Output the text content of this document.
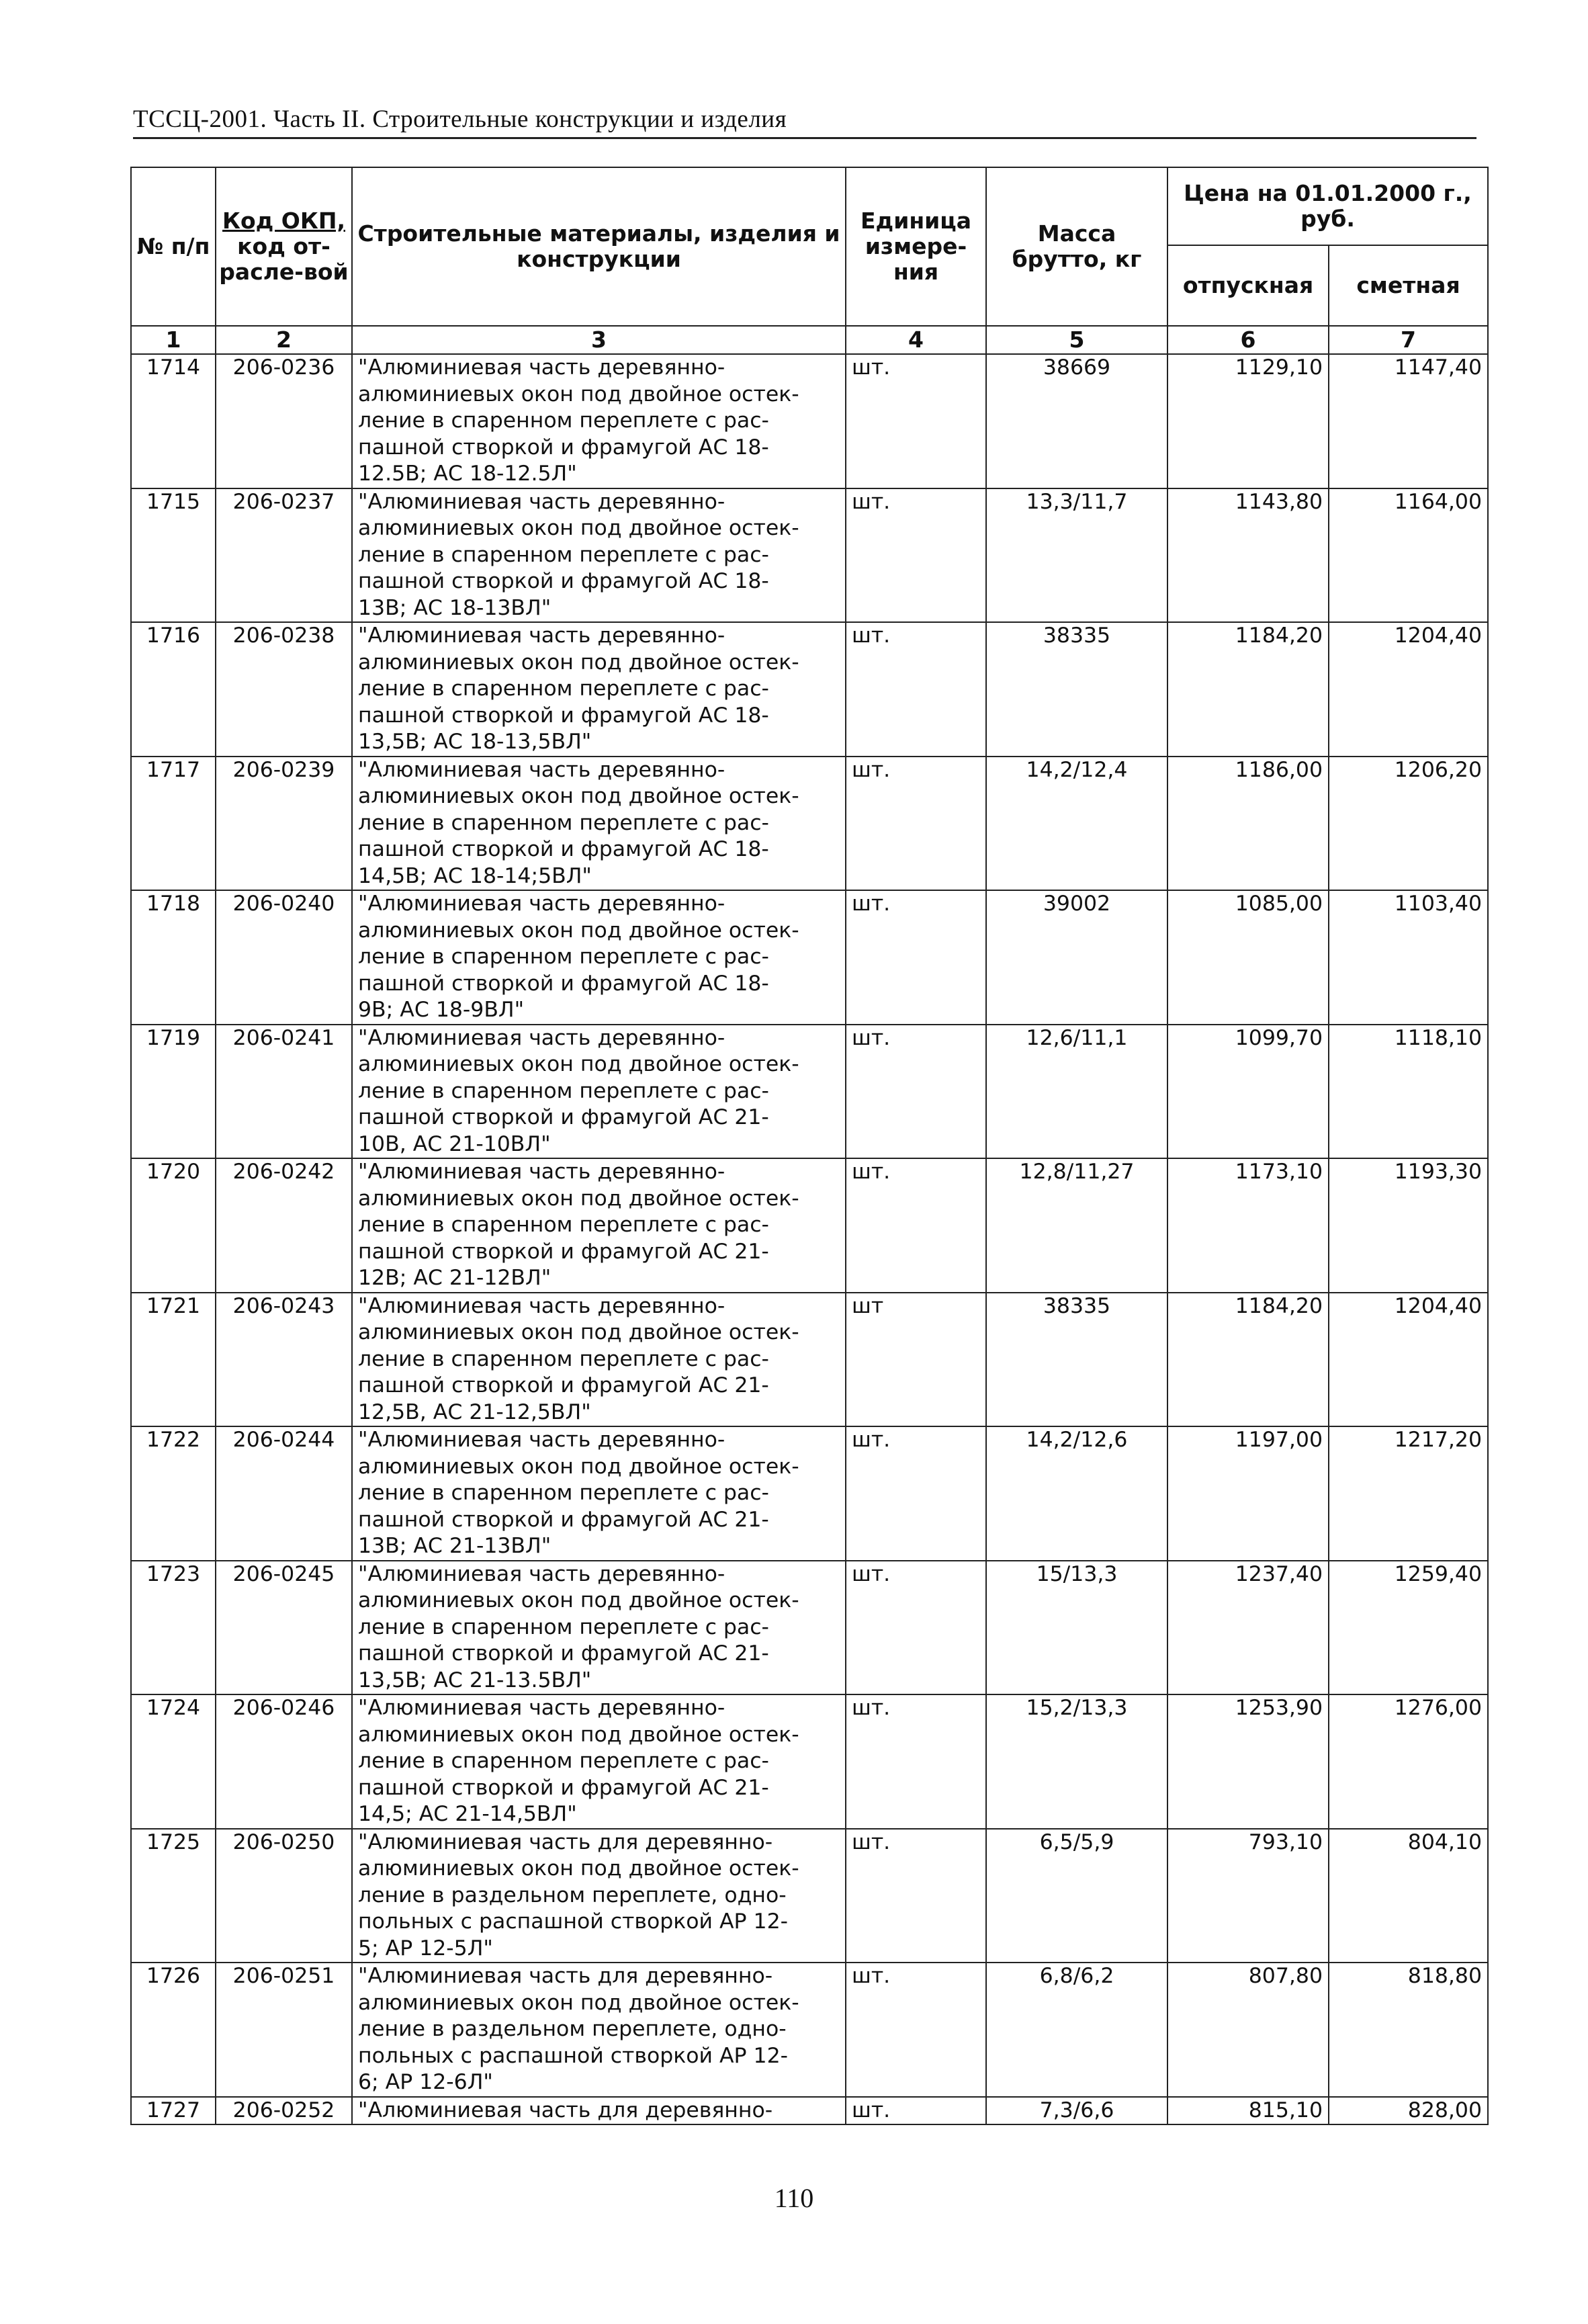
ТССЦ-2001. Часть II. Строительные конструкции и изделия
№ п/п	Код ОКП, код от-расле-вой	Строительные материалы, изделия и конструкции	Единица измере-ния	Масса брутто, кг	Цена на 01.01.2000 г., руб.	
					отпускная	сметная
1	2	3	4	5	6	7
1714	206-0236	"Алюминиевая часть деревянно-
алюминиевых окон под двойное остек-
ление в спаренном переплете с рас-
пашной створкой и фрамугой АС 18-
12.5В; АС 18-12.5Л"	шт.	38669	1129,10	1147,40
1715	206-0237	"Алюминиевая часть деревянно-
алюминиевых окон под двойное остек-
ление в спаренном переплете с рас-
пашной створкой и фрамугой АС 18-
13В; АС 18-13ВЛ"	шт.	13,3/11,7	1143,80	1164,00
1716	206-0238	"Алюминиевая часть деревянно-
алюминиевых окон под двойное остек-
ление в спаренном переплете с рас-
пашной створкой и фрамугой АС 18-
13,5В; АС 18-13,5ВЛ"	шт.	38335	1184,20	1204,40
1717	206-0239	"Алюминиевая часть деревянно-
алюминиевых окон под двойное остек-
ление в спаренном переплете с рас-
пашной створкой и фрамугой АС 18-
14,5В; АС 18-14;5ВЛ"	шт.	14,2/12,4	1186,00	1206,20
1718	206-0240	"Алюминиевая часть деревянно-
алюминиевых окон под двойное остек-
ление в спаренном переплете с рас-
пашной створкой и фрамугой АС 18-
9В; АС 18-9ВЛ"	шт.	39002	1085,00	1103,40
1719	206-0241	"Алюминиевая часть деревянно-
алюминиевых окон под двойное остек-
ление в спаренном переплете с рас-
пашной створкой и фрамугой АС 21-
10В, АС 21-10ВЛ"	шт.	12,6/11,1	1099,70	1118,10
1720	206-0242	"Алюминиевая часть деревянно-
алюминиевых окон под двойное остек-
ление в спаренном переплете с рас-
пашной створкой и фрамугой АС 21-
12В; АС 21-12ВЛ"	шт.	12,8/11,27	1173,10	1193,30
1721	206-0243	"Алюминиевая часть деревянно-
алюминиевых окон под двойное остек-
ление в спаренном переплете с рас-
пашной створкой и фрамугой АС 21-
12,5В, АС 21-12,5ВЛ"	шт	38335	1184,20	1204,40
1722	206-0244	"Алюминиевая часть деревянно-
алюминиевых окон под двойное остек-
ление в спаренном переплете с рас-
пашной створкой и фрамугой АС 21-
13В; АС 21-13ВЛ"	шт.	14,2/12,6	1197,00	1217,20
1723	206-0245	"Алюминиевая часть деревянно-
алюминиевых окон под двойное остек-
ление в спаренном переплете с рас-
пашной створкой и фрамугой АС 21-
13,5В; АС 21-13.5ВЛ"	шт.	15/13,3	1237,40	1259,40
1724	206-0246	"Алюминиевая часть деревянно-
алюминиевых окон под двойное остек-
ление в спаренном переплете с рас-
пашной створкой и фрамугой АС 21-
14,5; АС 21-14,5ВЛ"	шт.	15,2/13,3	1253,90	1276,00
1725	206-0250	"Алюминиевая часть для деревянно-
алюминиевых окон под двойное остек-
ление в раздельном переплете, одно-
польных с распашной створкой АР 12-
5; АР 12-5Л"	шт.	6,5/5,9	793,10	804,10
1726	206-0251	"Алюминиевая часть для деревянно-
алюминиевых окон под двойное остек-
ление в раздельном переплете, одно-
польных с распашной створкой АР 12-
6; АР 12-6Л"	шт.	6,8/6,2	807,80	818,80
1727	206-0252	"Алюминиевая часть для деревянно-	шт.	7,3/6,6	815,10	828,00
110
